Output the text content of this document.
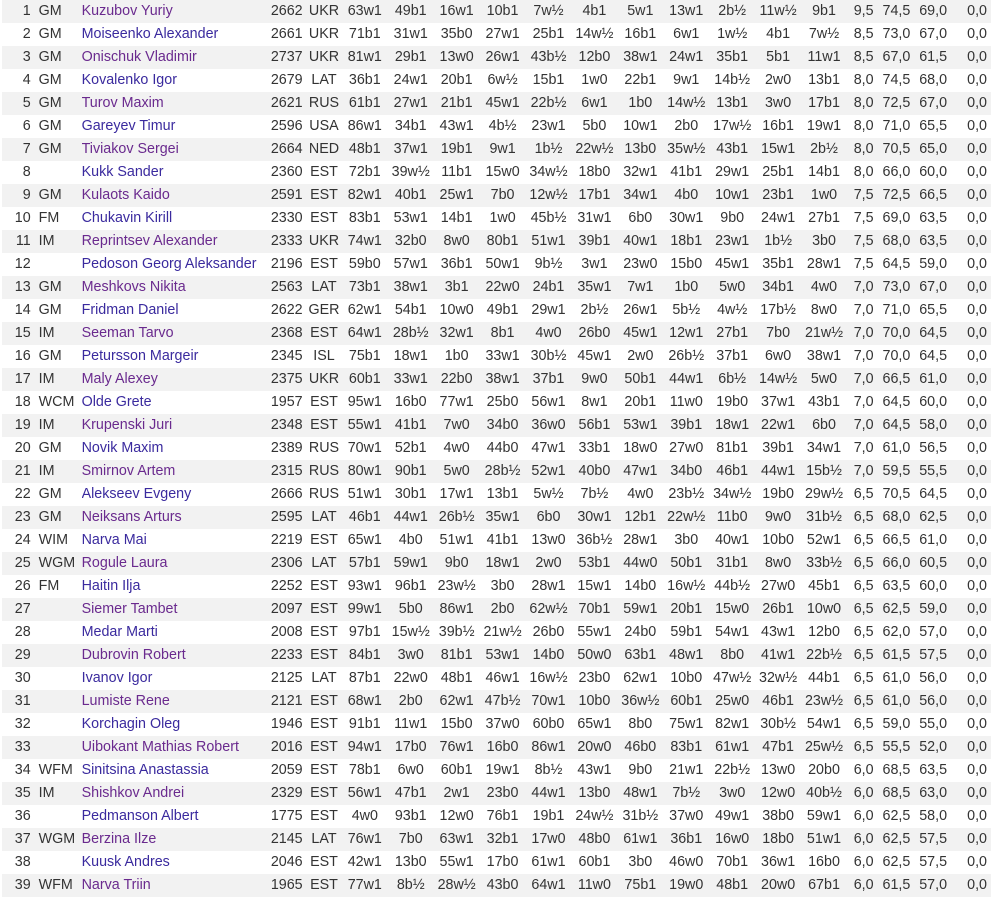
1	GM	Kuzubov Yuriy	2662	UKR	63w1	49b1	16w1	10b1	7w½	4b1	5w1	13w1	2b½	11w½	9b1	9,5	74,5	69,0	0,0
2	GM	Moiseenko Alexander	2661	UKR	71b1	31w1	35b0	27w1	25b1	14w½	16b1	6w1	1w½	4b1	7w½	8,5	73,0	67,0	0,0
3	GM	Onischuk Vladimir	2737	UKR	81w1	29b1	13w0	26w1	43b½	12b0	38w1	24w1	35b1	5b1	11w1	8,5	67,0	61,5	0,0
4	GM	Kovalenko Igor	2679	LAT	36b1	24w1	20b1	6w½	15b1	1w0	22b1	9w1	14b½	2w0	13b1	8,0	74,5	68,0	0,0
5	GM	Turov Maxim	2621	RUS	61b1	27w1	21b1	45w1	22b½	6w1	1b0	14w½	13b1	3w0	17b1	8,0	72,5	67,0	0,0
6	GM	Gareyev Timur	2596	USA	86w1	34b1	43w1	4b½	23w1	5b0	10w1	2b0	17w½	16b1	19w1	8,0	71,0	65,5	0,0
7	GM	Tiviakov Sergei	2664	NED	48b1	37w1	19b1	9w1	1b½	22w½	13b0	35w½	43b1	15w1	2b½	8,0	70,5	65,0	0,0
8		Kukk Sander	2360	EST	72b1	39w½	11b1	15w0	34w½	18b0	32w1	41b1	29w1	25b1	14b1	8,0	66,0	60,0	0,0
9	GM	Kulaots Kaido	2591	EST	82w1	40b1	25w1	7b0	12w½	17b1	34w1	4b0	10w1	23b1	1w0	7,5	72,5	66,5	0,0
10	FM	Chukavin Kirill	2330	EST	83b1	53w1	14b1	1w0	45b½	31w1	6b0	30w1	9b0	24w1	27b1	7,5	69,0	63,5	0,0
11	IM	Reprintsev Alexander	2333	UKR	74w1	32b0	8w0	80b1	51w1	39b1	40w1	18b1	23w1	1b½	3b0	7,5	68,0	63,5	0,0
12		Pedoson Georg Aleksander	2196	EST	59b0	57w1	36b1	50w1	9b½	3w1	23w0	15b0	45w1	35b1	28w1	7,5	64,5	59,0	0,0
13	GM	Meshkovs Nikita	2563	LAT	73b1	38w1	3b1	22w0	24b1	35w1	7w1	1b0	5w0	34b1	4w0	7,0	73,0	67,0	0,0
14	GM	Fridman Daniel	2622	GER	62w1	54b1	10w0	49b1	29w1	2b½	26w1	5b½	4w½	17b½	8w0	7,0	71,0	65,5	0,0
15	IM	Seeman Tarvo	2368	EST	64w1	28b½	32w1	8b1	4w0	26b0	45w1	12w1	27b1	7b0	21w½	7,0	70,0	64,5	0,0
16	GM	Petursson Margeir	2345	ISL	75b1	18w1	1b0	33w1	30b½	45w1	2w0	26b½	37b1	6w0	38w1	7,0	70,0	64,5	0,0
17	IM	Maly Alexey	2375	UKR	60b1	33w1	22b0	38w1	37b1	9w0	50b1	44w1	6b½	14w½	5w0	7,0	66,5	61,0	0,0
18	WCM	Olde Grete	1957	EST	95w1	16b0	77w1	25b0	56w1	8w1	20b1	11w0	19b0	37w1	43b1	7,0	64,5	60,0	0,0
19	IM	Krupenski Juri	2348	EST	55w1	41b1	7w0	34b0	36w0	56b1	53w1	39b1	18w1	22w1	6b0	7,0	64,5	58,0	0,0
20	GM	Novik Maxim	2389	RUS	70w1	52b1	4w0	44b0	47w1	33b1	18w0	27w0	81b1	39b1	34w1	7,0	61,0	56,5	0,0
21	IM	Smirnov Artem	2315	RUS	80w1	90b1	5w0	28b½	52w1	40b0	47w1	34b0	46b1	44w1	15b½	7,0	59,5	55,5	0,0
22	GM	Alekseev Evgeny	2666	RUS	51w1	30b1	17w1	13b1	5w½	7b½	4w0	23b½	34w½	19b0	29w½	6,5	70,5	64,5	0,0
23	GM	Neiksans Arturs	2595	LAT	46b1	44w1	26b½	35w1	6b0	30w1	12b1	22w½	11b0	9w0	31b½	6,5	68,0	62,5	0,0
24	WIM	Narva Mai	2219	EST	65w1	4b0	51w1	41b1	13w0	36b½	28w1	3b0	40w1	10b0	52w1	6,5	66,5	61,0	0,0
25	WGM	Rogule Laura	2306	LAT	57b1	59w1	9b0	18w1	2w0	53b1	44w0	50b1	31b1	8w0	33b½	6,5	66,0	60,5	0,0
26	FM	Haitin Ilja	2252	EST	93w1	96b1	23w½	3b0	28w1	15w1	14b0	16w½	44b½	27w0	45b1	6,5	63,5	60,0	0,0
27		Siemer Tambet	2097	EST	99w1	5b0	86w1	2b0	62w½	70b1	59w1	20b1	15w0	26b1	10w0	6,5	62,5	59,0	0,0
28		Medar Marti	2008	EST	97b1	15w½	39b½	21w½	26b0	55w1	24b0	59b1	54w1	43w1	12b0	6,5	62,0	57,0	0,0
29		Dubrovin Robert	2233	EST	84b1	3w0	81b1	53w1	14b0	50w0	63b1	48w1	8b0	41w1	22b½	6,5	61,5	57,5	0,0
30		Ivanov Igor	2125	LAT	87b1	22w0	48b1	46w1	16w½	23b0	62w1	10b0	47w½	32w½	44b1	6,5	61,0	56,0	0,0
31		Lumiste Rene	2121	EST	68w1	2b0	62w1	47b½	70w1	10b0	36w½	60b1	25w0	46b1	23w½	6,5	61,0	56,0	0,0
32		Korchagin Oleg	1946	EST	91b1	11w1	15b0	37w0	60b0	65w1	8b0	75w1	82w1	30b½	54w1	6,5	59,0	55,0	0,0
33		Uibokant Mathias Robert	2016	EST	94w1	17b0	76w1	16b0	86w1	20w0	46b0	83b1	61w1	47b1	25w½	6,5	55,5	52,0	0,0
34	WFM	Sinitsina Anastassia	2059	EST	78b1	6w0	60b1	19w1	8b½	43w1	9b0	21w1	22b½	13w0	20b0	6,0	68,5	63,5	0,0
35	IM	Shishkov Andrei	2329	EST	56w1	47b1	2w1	23b0	44w1	13b0	48w1	7b½	3w0	12w0	40b½	6,0	68,5	63,0	0,0
36		Pedmanson Albert	1775	EST	4w0	93b1	12w0	76b1	19b1	24w½	31b½	37w0	49w1	38b0	59w1	6,0	62,5	58,0	0,0
37	WGM	Berzina Ilze	2145	LAT	76w1	7b0	63w1	32b1	17w0	48b0	61w1	36b1	16w0	18b0	51w1	6,0	62,5	57,5	0,0
38		Kuusk Andres	2046	EST	42w1	13b0	55w1	17b0	61w1	60b1	3b0	46w0	70b1	36w1	16b0	6,0	62,5	57,5	0,0
39	WFM	Narva Triin	1965	EST	77w1	8b½	28w½	43b0	64w1	11w0	75b1	19w0	48b1	20w0	67b1	6,0	61,5	57,0	0,0
